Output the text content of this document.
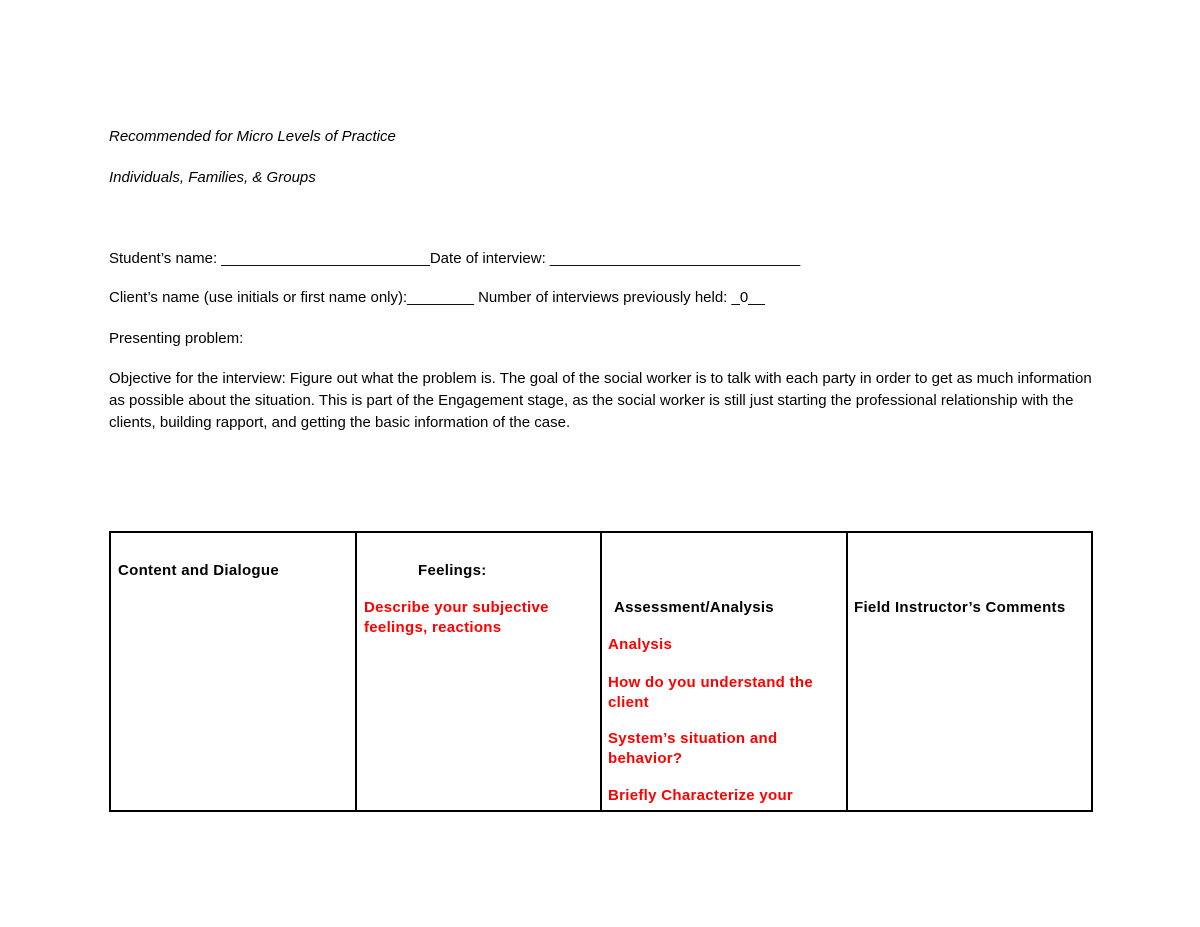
Recommended for Micro Levels of Practice
Individuals, Families, & Groups
Student’s name: _________________________Date of interview: ______________________________
Client’s name (use initials or first name only):________ Number of interviews previously held: _0__
Presenting problem:
Objective for the interview: Figure out what the problem is. The goal of the social worker is to talk with each party in order to get as much information as possible about the situation. This is part of the Engagement stage, as the social worker is still just starting the professional relationship with the clients, building rapport, and getting the basic information of the case.
Content and Dialogue	Feelings:
Describe your subjective feelings, reactions
Assessment/Analysis
Analysis
How do you understand the client
System’s situation and behavior?
Briefly Characterize your
Field Instructor’s Comments
